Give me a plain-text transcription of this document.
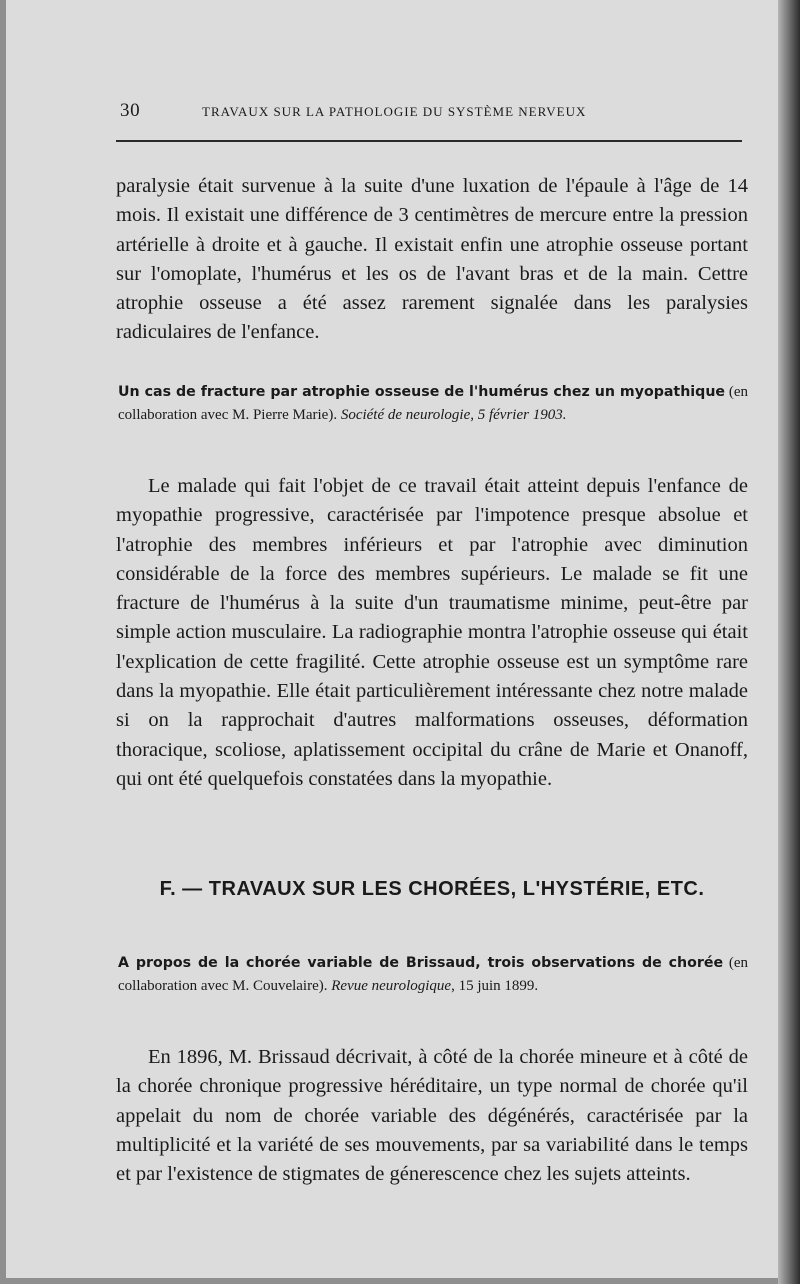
30	TRAVAUX SUR LA PATHOLOGIE DU SYSTÈME NERVEUX

paralysie était survenue à la suite d'une luxation de l'épaule à l'âge de 14 mois. Il existait une différence de 3 centimètres de mercure entre la pression artérielle à droite et à gauche. Il existait enfin une atrophie osseuse portant sur l'omoplate, l'humérus et les os de l'avant bras et de la main. Cettre atrophie osseuse a été assez rarement signalée dans les paralysies radiculaires de l'enfance.

Un cas de fracture par atrophie osseuse de l'humérus chez un myopathique (en collaboration avec M. Pierre Marie). Société de neurologie, 5 février 1903.

Le malade qui fait l'objet de ce travail était atteint depuis l'enfance de myopathie progressive, caractérisée par l'impotence presque absolue et l'atrophie des membres inférieurs et par l'atrophie avec diminution considérable de la force des membres supérieurs. Le malade se fit une fracture de l'humérus à la suite d'un traumatisme minime, peut-être par simple action musculaire. La radiographie montra l'atrophie osseuse qui était l'explication de cette fragilité. Cette atrophie osseuse est un symptôme rare dans la myopathie. Elle était particulièrement intéressante chez notre malade si on la rapprochait d'autres malformations osseuses, déformation thoracique, scoliose, aplatissement occipital du crâne de Marie et Onanoff, qui ont été quelquefois constatées dans la myopathie.

F. — TRAVAUX SUR LES CHORÉES, L'HYSTÉRIE, ETC.
A propos de la chorée variable de Brissaud, trois observations de chorée (en collaboration avec M. Couvelaire). Revue neurologique, 15 juin 1899.

En 1896, M. Brissaud décrivait, à côté de la chorée mineure et à côté de la chorée chronique progressive héréditaire, un type normal de chorée qu'il appelait du nom de chorée variable des dégénérés, caractérisée par la multiplicité et la variété de ses mouvements, par sa variabilité dans le temps et par l'existence de stigmates de génerescence chez les sujets atteints.
